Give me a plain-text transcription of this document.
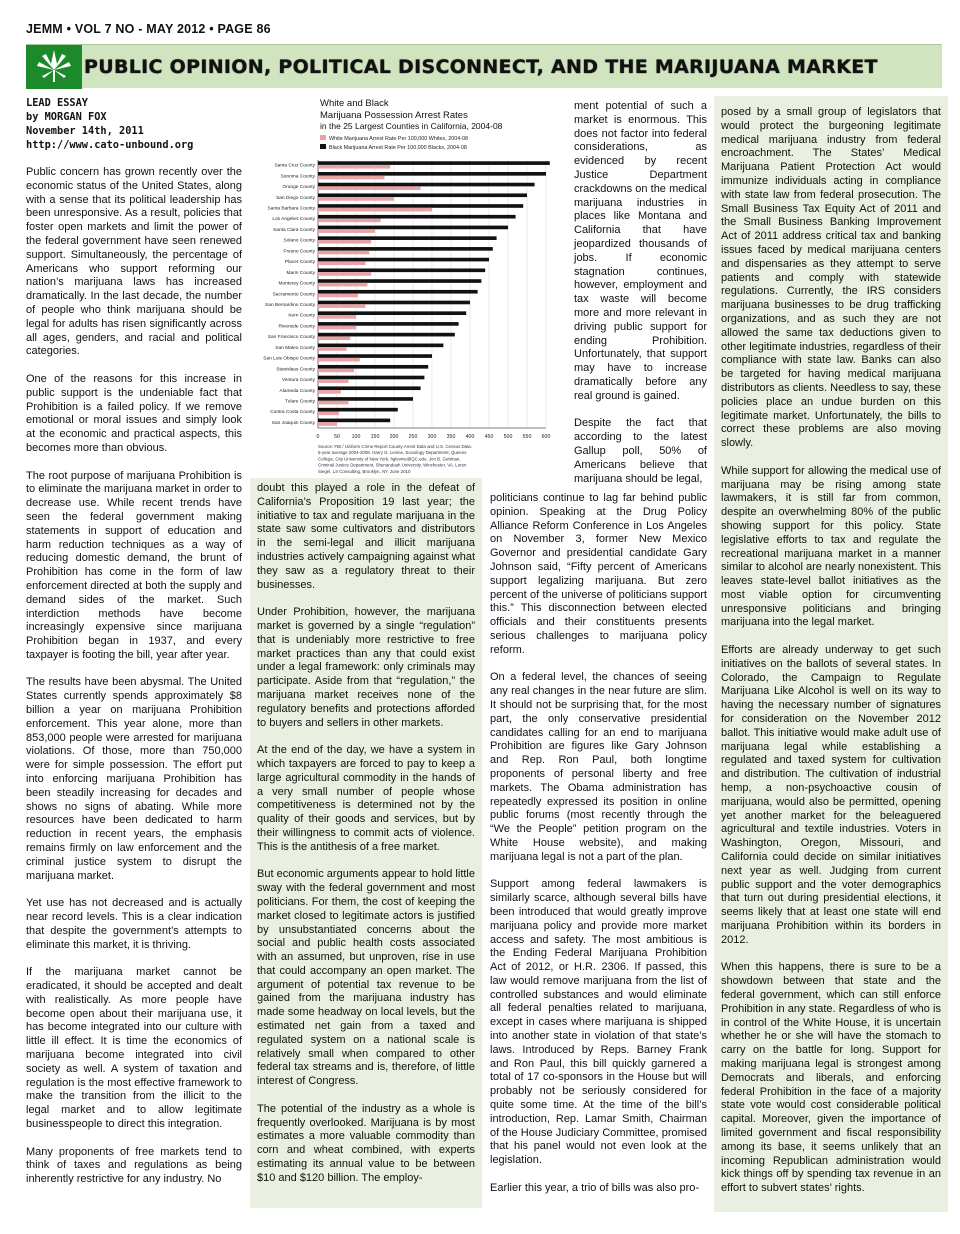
JEMM • VOL 7 NO - MAY 2012 • PAGE 86
PUBLIC OPINION, POLITICAL DISCONNECT, AND THE MARIJUANA MARKET
LEAD ESSAY
by MORGAN FOX
November 14th, 2011
http://www.cato-unbound.org

Public concern has grown recently over the economic status of the United States, along with a sense that its political leadership has been unresponsive. As a result, policies that foster open markets and limit the power of the federal government have seen renewed support. Simultaneously, the percentage of Americans who support reforming our nation’s marijuana laws has increased dramatically. In the last decade, the number of people who think marijuana should be legal for adults has risen significantly across all ages, genders, and racial and political categories.

One of the reasons for this increase in public support is the undeniable fact that Prohibition is a failed policy. If we remove emotional or moral issues and simply look at the economic and practical aspects, this becomes more than obvious.

The root purpose of marijuana Prohibition is to eliminate the marijuana market in order to decrease use. While recent trends have seen the federal government making statements in support of education and harm reduction techniques as a way of reducing domestic demand, the brunt of Prohibition has come in the form of law enforcement directed at both the supply and demand sides of the market. Such interdiction methods have become increasingly expensive since marijuana Prohibition began in 1937, and every taxpayer is footing the bill, year after year.

The results have been abysmal. The United States currently spends approximately $8 billion a year on marijuana Prohibition enforcement. This year alone, more than 853,000 people were arrested for marijuana violations. Of those, more than 750,000 were for simple possession. The effort put into enforcing marijuana Prohibition has been steadily increasing for decades and shows no signs of abating. While more resources have been dedicated to harm reduction in recent years, the emphasis remains firmly on law enforcement and the criminal justice system to disrupt the marijuana market.

Yet use has not decreased and is actually near record levels. This is a clear indication that despite the government’s attempts to eliminate this market, it is thriving.

If the marijuana market cannot be eradicated, it should be accepted and dealt with realistically. As more people have become open about their marijuana use, it has become integrated into our culture with little ill effect. It is time the economics of marijuana become integrated into civil society as well. A system of taxation and regulation is the most effective framework to make the transition from the illicit to the legal market and to allow legitimate businesspeople to direct this integration.

Many proponents of free markets tend to think of taxes and regulations as being inherently restrictive for any industry. No

White and Black
Marijuana Possession Arrest Rates
in the 25 Largest Counties in California, 2004-08
White Marijuana Arrest Rate Per 100,000 Whites, 2004-08
Black Marijuana Arrest Rate Per 100,000 Blacks, 2004-08
0	50 100 150 200 250 300 350 400 450 500 550 600
Santa Cruz County
Sonoma County
Orange County
San Diego County
Santa Barbara County
Los Angeles County
Santa Clara County
Solano County
Fresno County
Placer County
Marin County
Monterey County
Sacramento County
San Bernardino County
Kern County
Riverside County
San Francisco County
San Mateo County
San Luis Obispo County
Stanislaus County
Ventura County
Alameda County
Tulare County
Contra Costa County
San Joaquin County
Source: FBI / Uniform Crime Report County Arrest Data and U.S. Census Data.
5-year average 2004-2008. Harry G. Levine, Sociology Department, Queens
College, City University of New York, hglevine@QC.edu. Jon B. Gettman,
Criminal Justice Department, Shenandoah University, Winchester, VA. Loren
Siegel, LS Consulting, Brooklyn, NY. June 2010

doubt this played a role in the defeat of California’s Proposition 19 last year; the initiative to tax and regulate marijuana in the state saw some cultivators and distributors in the semi-legal and illicit marijuana industries actively campaigning against what they saw as a regulatory threat to their businesses.

Under Prohibition, however, the marijuana market is governed by a single “regulation” that is undeniably more restrictive to free market practices than any that could exist under a legal framework: only criminals may participate. Aside from that “regulation,” the marijuana market receives none of the regulatory benefits and protections afforded to buyers and sellers in other markets.

At the end of the day, we have a system in which taxpayers are forced to pay to keep a large agricultural commodity in the hands of a very small number of people whose competitiveness is determined not by the quality of their goods and services, but by their willingness to commit acts of violence. This is the antithesis of a free market.

But economic arguments appear to hold little sway with the federal government and most politicians. For them, the cost of keeping the market closed to legitimate actors is justified by unsubstantiated concerns about the social and public health costs associated with an assumed, but unproven, rise in use that could accompany an open market. The argument of potential tax revenue to be gained from the marijuana industry has made some headway on local levels, but the estimated net gain from a taxed and regulated system on a national scale is relatively small when compared to other federal tax streams and is, therefore, of little interest of Congress.

The potential of the industry as a whole is frequently overlooked. Marijuana is by most estimates a more valuable commodity than corn and wheat combined, with experts estimating its annual value to be between $10 and $120 billion. The employ-

ment potential of such a market is enormous. This does not factor into federal considerations, as evidenced by recent Justice Department crackdowns on the medical marijuana industries in places like Montana and California that have jeopardized thousands of jobs. If economic stagnation continues, however, employment and tax waste will become more and more relevant in driving public support for ending Prohibition. Unfortunately, that support may have to increase dramatically before any real ground is gained.

Despite the fact that according to the latest Gallup poll, 50% of Americans believe that marijuana should be legal,

politicians continue to lag far behind public opinion. Speaking at the Drug Policy Alliance Reform Conference in Los Angeles on November 3, former New Mexico Governor and presidential candidate Gary Johnson said, “Fifty percent of Americans support legalizing marijuana. But zero percent of the universe of politicians support this.” This disconnection between elected officials and their constituents presents serious challenges to marijuana policy reform.

On a federal level, the chances of seeing any real changes in the near future are slim. It should not be surprising that, for the most part, the only conservative presidential candidates calling for an end to marijuana Prohibition are figures like Gary Johnson and Rep. Ron Paul, both longtime proponents of personal liberty and free markets. The Obama administration has repeatedly expressed its position in online public forums (most recently through the “We the People” petition program on the White House website), and making marijuana legal is not a part of the plan.

Support among federal lawmakers is similarly scarce, although several bills have been introduced that would greatly improve marijuana policy and provide more market access and safety. The most ambitious is the Ending Federal Marijuana Prohibition Act of 2012, or H.R. 2306. If passed, this law would remove marijuana from the list of controlled substances and would eliminate all federal penalties related to marijuana, except in cases where marijuana is shipped into another state in violation of that state’s laws. Introduced by Reps. Barney Frank and Ron Paul, this bill quickly garnered a total of 17 co-sponsors in the House but will probably not be seriously considered for quite some time. At the time of the bill’s introduction, Rep. Lamar Smith, Chairman of the House Judiciary Committee, promised that his panel would not even look at the legislation.

Earlier this year, a trio of bills was also pro-

posed by a small group of legislators that would protect the burgeoning legitimate medical marijuana industry from federal encroachment. The States’ Medical Marijuana Patient Protection Act would immunize individuals acting in compliance with state law from federal prosecution. The Small Business Tax Equity Act of 2011 and the Small Business Banking Improvement Act of 2011 address critical tax and banking issues faced by medical marijuana centers and dispensaries as they attempt to serve patients and comply with statewide regulations. Currently, the IRS considers marijuana businesses to be drug trafficking organizations, and as such they are not allowed the same tax deductions given to other legitimate industries, regardless of their compliance with state law. Banks can also be targeted for having medical marijuana distributors as clients. Needless to say, these policies place an undue burden on this legitimate market. Unfortunately, the bills to correct these problems are also moving slowly.

While support for allowing the medical use of marijuana may be rising among state lawmakers, it is still far from common, despite an overwhelming 80% of the public showing support for this policy. State legislative efforts to tax and regulate the recreational marijuana market in a manner similar to alcohol are nearly nonexistent. This leaves state-level ballot initiatives as the most viable option for circumventing unresponsive politicians and bringing marijuana into the legal market.

Efforts are already underway to get such initiatives on the ballots of several states. In Colorado, the Campaign to Regulate Marijuana Like Alcohol is well on its way to having the necessary number of signatures for consideration on the November 2012 ballot. This initiative would make adult use of marijuana legal while establishing a regulated and taxed system for cultivation and distribution. The cultivation of industrial hemp, a non-psychoactive cousin of marijuana, would also be permitted, opening yet another market for the beleaguered agricultural and textile industries. Voters in Washington, Oregon, Missouri, and California could decide on similar initiatives next year as well. Judging from current public support and the voter demographics that turn out during presidential elections, it seems likely that at least one state will end marijuana Prohibition within its borders in 2012.

When this happens, there is sure to be a showdown between that state and the federal government, which can still enforce Prohibition in any state. Regardless of who is in control of the White House, it is uncertain whether he or she will have the stomach to carry on the battle for long. Support for making marijuana legal is strongest among Democrats and liberals, and enforcing federal Prohibition in the face of a majority state vote would cost considerable political capital. Moreover, given the importance of limited government and fiscal responsibility among its base, it seems unlikely that an incoming Republican administration would kick things off by spending tax revenue in an effort to subvert states’ rights.
